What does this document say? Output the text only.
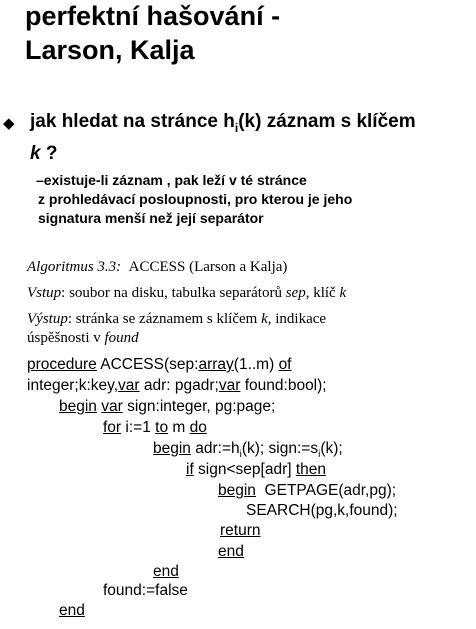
perfektní hašování -
Larson, Kalja
◆ jak hledat na stránce $h_i(k)$ záznam s klíčem
k ?
–existuje-li záznam , pak leží v té stránce
z prohledávací posloupnosti, pro kterou je jeho
signatura menší než její separátor
Algoritmus 3.3: ACCESS (Larson a Kalja)
Vstup: soubor na disku, tabulka separátorů sep, klíč k
Výstup: stránka se záznamem s klíčem k, indikace
úspěšnosti v found
procedure ACCESS(sep:array(1..m) of
integer;k:key,var adr: pgadr;var found:bool);
begin var sign:integer, pg:page;
for i:=1 to m do
begin $adr:=h_i(k)$; $sign:=s_i(k)$;
if sign<sep[adr] then
begin  GETPAGE(adr,pg);
SEARCH(pg,k,found);
return
end
end
found:=false
end
